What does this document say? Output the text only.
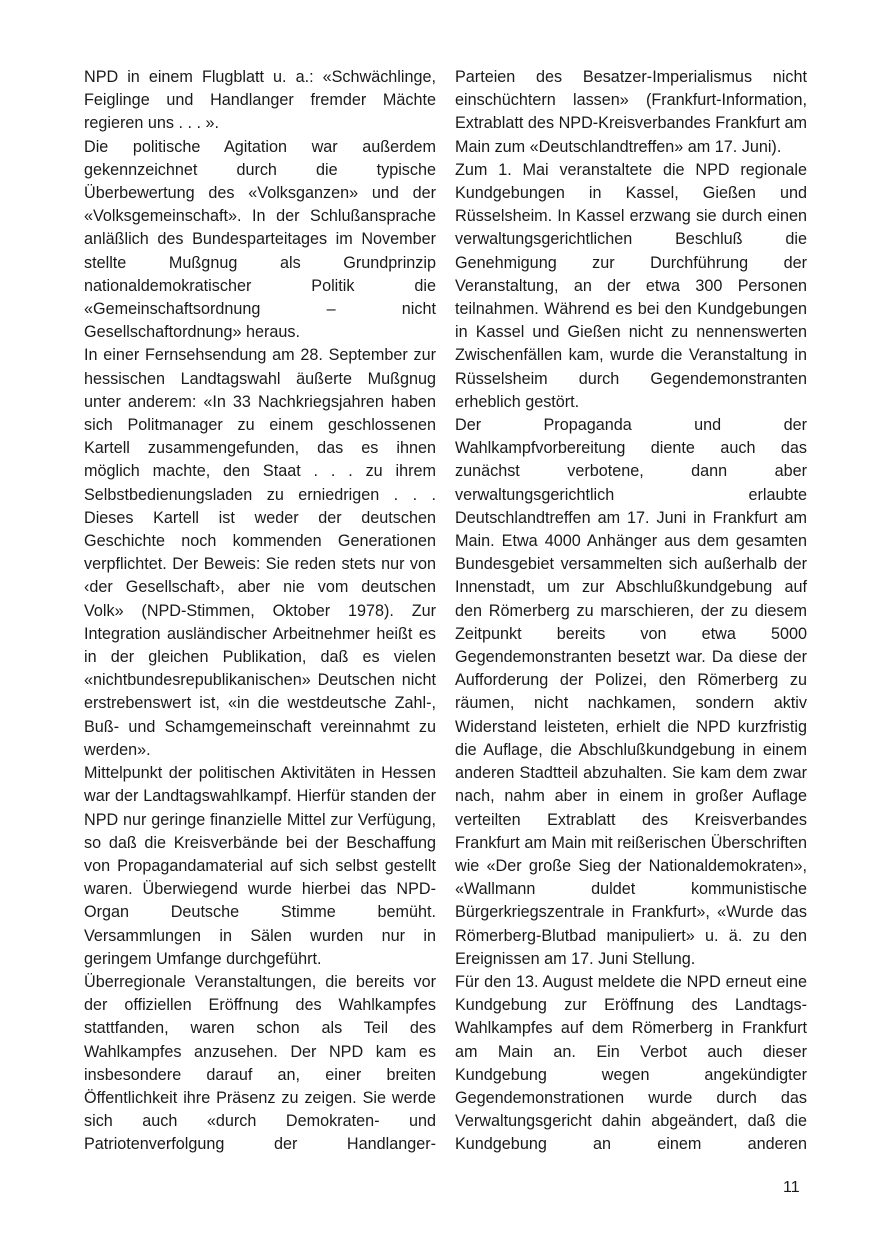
NPD in einem Flugblatt u. a.: «Schwächlinge, Feiglinge und Handlanger fremder Mächte regieren uns . . . ».

Die politische Agitation war außerdem gekennzeichnet durch die typische Überbewertung des «Volksganzen» und der «Volksgemeinschaft». In der Schlußansprache anläßlich des Bundesparteitages im November stellte Mußgnug als Grundprinzip nationaldemokratischer Politik die «Gemeinschaftsordnung – nicht Gesellschaftordnung» heraus.

In einer Fernsehsendung am 28. September zur hessischen Landtagswahl äußerte Mußgnug unter anderem: «In 33 Nachkriegsjahren haben sich Politmanager zu einem geschlossenen Kartell zusammengefunden, das es ihnen möglich machte, den Staat . . . zu ihrem Selbstbedienungsladen zu erniedrigen . . . Dieses Kartell ist weder der deutschen Geschichte noch kommenden Generationen verpflichtet. Der Beweis: Sie reden stets nur von ‹der Gesellschaft›, aber nie vom deutschen Volk» (NPD-Stimmen, Oktober 1978). Zur Integration ausländischer Arbeitnehmer heißt es in der gleichen Publikation, daß es vielen «nichtbundesrepublikanischen» Deutschen nicht erstrebenswert ist, «in die westdeutsche Zahl-, Buß- und Schamgemeinschaft vereinnahmt zu werden».

Mittelpunkt der politischen Aktivitäten in Hessen war der Landtagswahlkampf. Hierfür standen der NPD nur geringe finanzielle Mittel zur Verfügung, so daß die Kreisverbände bei der Beschaffung von Propagandamaterial auf sich selbst gestellt waren. Überwiegend wurde hierbei das NPD-Organ Deutsche Stimme bemüht. Versammlungen in Sälen wurden nur in geringem Umfange durchgeführt.

Überregionale Veranstaltungen, die bereits vor der offiziellen Eröffnung des Wahlkampfes stattfanden, waren schon als Teil des Wahlkampfes anzusehen. Der NPD kam es insbesondere darauf an, einer breiten Öffentlichkeit ihre Präsenz zu zeigen. Sie werde sich auch «durch Demokraten- und Patriotenverfolgung der Handlanger-

Parteien des Besatzer-Imperialismus nicht einschüchtern lassen» (Frankfurt-Information, Extrablatt des NPD-Kreisverbandes Frankfurt am Main zum «Deutschlandtreffen» am 17. Juni).

Zum 1. Mai veranstaltete die NPD regionale Kundgebungen in Kassel, Gießen und Rüsselsheim. In Kassel erzwang sie durch einen verwaltungsgerichtlichen Beschluß die Genehmigung zur Durchführung der Veranstaltung, an der etwa 300 Personen teilnahmen. Während es bei den Kundgebungen in Kassel und Gießen nicht zu nennenswerten Zwischenfällen kam, wurde die Veranstaltung in Rüsselsheim durch Gegendemonstranten erheblich gestört.

Der Propaganda und der Wahlkampfvorbereitung diente auch das zunächst verbotene, dann aber verwaltungsgerichtlich erlaubte Deutschlandtreffen am 17. Juni in Frankfurt am Main. Etwa 4000 Anhänger aus dem gesamten Bundesgebiet versammelten sich außerhalb der Innenstadt, um zur Abschlußkundgebung auf den Römerberg zu marschieren, der zu diesem Zeitpunkt bereits von etwa 5000 Gegendemonstranten besetzt war. Da diese der Aufforderung der Polizei, den Römerberg zu räumen, nicht nachkamen, sondern aktiv Widerstand leisteten, erhielt die NPD kurzfristig die Auflage, die Abschlußkundgebung in einem anderen Stadtteil abzuhalten. Sie kam dem zwar nach, nahm aber in einem in großer Auflage verteilten Extrablatt des Kreisverbandes Frankfurt am Main mit reißerischen Überschriften wie «Der große Sieg der Nationaldemokraten», «Wallmann duldet kommunistische Bürgerkriegszentrale in Frankfurt», «Wurde das Römerberg-Blutbad manipuliert» u. ä. zu den Ereignissen am 17. Juni Stellung.

Für den 13. August meldete die NPD erneut eine Kundgebung zur Eröffnung des Landtags-Wahlkampfes auf dem Römerberg in Frankfurt am Main an. Ein Verbot auch dieser Kundgebung wegen angekündigter Gegendemonstrationen wurde durch das Verwaltungsgericht dahin abgeändert, daß die Kundgebung an einem anderen

11
